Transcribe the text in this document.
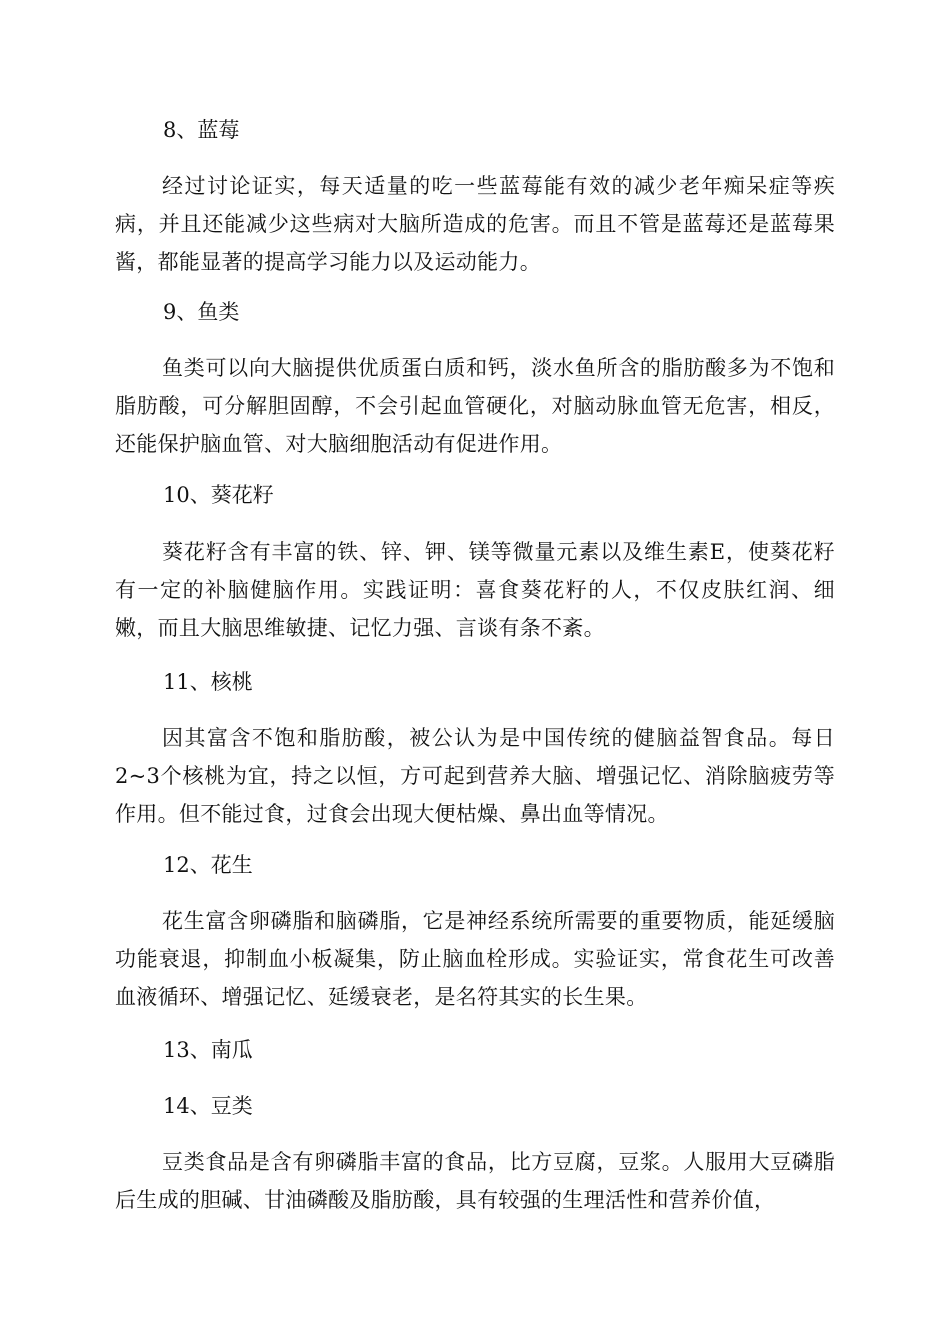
8、蓝莓
经过讨论证实，每天适量的吃一些蓝莓能有效的减少老年痴呆症等疾病，并且还能减少这些病对大脑所造成的危害。而且不管是蓝莓还是蓝莓果酱，都能显著的提高学习能力以及运动能力。
9、鱼类
鱼类可以向大脑提供优质蛋白质和钙，淡水鱼所含的脂肪酸多为不饱和脂肪酸，可分解胆固醇，不会引起血管硬化，对脑动脉血管无危害，相反，还能保护脑血管、对大脑细胞活动有促进作用。
10、葵花籽
葵花籽含有丰富的铁、锌、钾、镁等微量元素以及维生素E，使葵花籽有一定的补脑健脑作用。实践证明：喜食葵花籽的人，不仅皮肤红润、细嫩，而且大脑思维敏捷、记忆力强、言谈有条不紊。
11、核桃
因其富含不饱和脂肪酸，被公认为是中国传统的健脑益智食品。每日2~3个核桃为宜，持之以恒，方可起到营养大脑、增强记忆、消除脑疲劳等作用。但不能过食，过食会出现大便枯燥、鼻出血等情况。
12、花生
花生富含卵磷脂和脑磷脂，它是神经系统所需要的重要物质，能延缓脑功能衰退，抑制血小板凝集，防止脑血栓形成。实验证实，常食花生可改善血液循环、增强记忆、延缓衰老，是名符其实的长生果。
13、南瓜
14、豆类
豆类食品是含有卵磷脂丰富的食品，比方豆腐，豆浆。人服用大豆磷脂后生成的胆碱、甘油磷酸及脂肪酸，具有较强的生理活性和营养价值，
